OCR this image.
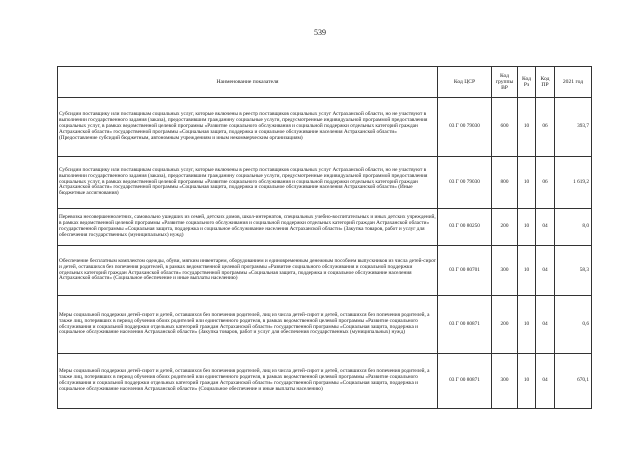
539
Наименование показателя	Код ЦСР	Код группы ВР	Код Рз	Код ПР	2021 год
Субсидии поставщику или поставщикам социальных услуг, которые включены в реестр поставщиков социальных услуг Астраханской области, но не участвуют в выполнении государственного задания (заказа), предоставившим гражданину социальные услуги, предусмотренные индивидуальной программой предоставления социальных услуг, в рамках ведомственной целевой программы «Развитие социального обслуживания и социальной поддержки отдельных категорий граждан Астраханской области» государственной программы «Социальная защита, поддержка и социальное обслуживание населения Астраханской области» (Предоставление субсидий бюджетным, автономным учреждениям и иным некоммерческим организациям)	03 Г 00 79030	600	10	06	393,7
Субсидии поставщику или поставщикам социальных услуг, которые включены в реестр поставщиков социальных услуг Астраханской области, но не участвуют в выполнении государственного задания (заказа), предоставившим гражданину социальные услуги, предусмотренные индивидуальной программой предоставления социальных услуг, в рамках ведомственной целевой программы «Развитие социального обслуживания и социальной поддержки отдельных категорий граждан Астраханской области» государственной программы «Социальная защита, поддержка и социальное обслуживание населения Астраханской области» (Иные бюджетные ассигнования)	03 Г 00 79030	800	10	06	1 619,2
Перевозка несовершеннолетних, самовольно ушедших из семей, детских домов, школ-интернатов, специальных учебно-воспитательных и иных детских учреждений, в рамках ведомственной целевой программы «Развитие социального обслуживания и социальной поддержки отдельных категорий граждан Астраханской области» государственной программы «Социальная защита, поддержка и социальное обслуживание населения Астраханской области» (Закупка товаров, работ и услуг для обеспечения государственных (муниципальных) нужд)	03 Г 00 80250	200	10	04	8,0
Обеспечение бесплатным комплектом одежды, обуви, мягким инвентарем, оборудованием и единовременным денежным пособием выпускников из числа детей-сирот и детей, оставшихся без попечения родителей, в рамках ведомственной целевой программы «Развитие социального обслуживания и социальной поддержки отдельных категорий граждан Астраханской области» государственной программы «Социальная защита, поддержка и социальное обслуживание населения Астраханской области» (Социальное обеспечение и иные выплаты населению)	03 Г 00 80701	300	10	04	58,3
Меры социальной поддержки детей-сирот и детей, оставшихся без попечения родителей, лиц из числа детей-сирот и детей, оставшихся без попечения родителей, а также лиц, потерявших в период обучения обоих родителей или единственного родителя, в рамках ведомственной целевой программы «Развитие социального обслуживания и социальной поддержки отдельных категорий граждан Астраханской области» государственной программы «Социальная защита, поддержка и социальное обслуживание населения Астраханской области» (Закупка товаров, работ и услуг для обеспечения государственных (муниципальных) нужд)	03 Г 00 80871	200	10	04	0,6
Меры социальной поддержки детей-сирот и детей, оставшихся без попечения родителей, лиц из числа детей-сирот и детей, оставшихся без попечения родителей, а также лиц, потерявших в период обучения обоих родителей или единственного родителя, в рамках ведомственной целевой программы «Развитие социального обслуживания и социальной поддержки отдельных категорий граждан Астраханской области» государственной программы «Социальная защита, поддержка и социальное обслуживание населения Астраханской области» (Социальное обеспечение и иные выплаты населению)	03 Г 00 80871	300	10	04	670,1
